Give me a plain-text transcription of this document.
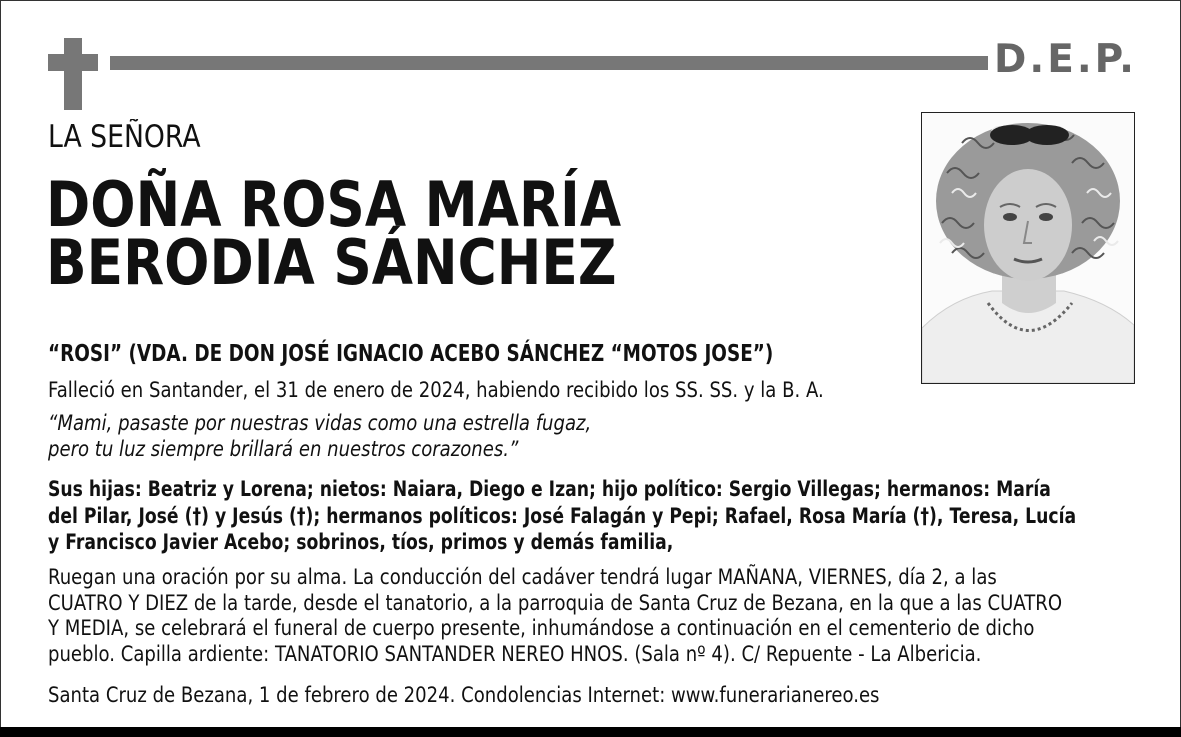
D.E.P.
LA SEÑORA
DOÑA ROSA MARÍA
BERODIA SÁNCHEZ
“ROSI” (VDA. DE DON JOSÉ IGNACIO ACEBO SÁNCHEZ “MOTOS JOSE”)
Falleció en Santander, el 31 de enero de 2024, habiendo recibido los SS. SS. y la B. A.
“Mami, pasaste por nuestras vidas como una estrella fugaz,
pero tu luz siempre brillará en nuestros corazones.”
Sus hijas: Beatriz y Lorena; nietos: Naiara, Diego e Izan; hijo político: Sergio Villegas; hermanos: María
del Pilar, José (†) y Jesús (†); hermanos políticos: José Falagán y Pepi; Rafael, Rosa María (†), Teresa, Lucía
y Francisco Javier Acebo; sobrinos, tíos, primos y demás familia,
Ruegan una oración por su alma. La conducción del cadáver tendrá lugar MAÑANA, VIERNES, día 2, a las
CUATRO Y DIEZ de la tarde, desde el tanatorio, a la parroquia de Santa Cruz de Bezana, en la que a las CUATRO
Y MEDIA, se celebrará el funeral de cuerpo presente, inhumándose a continuación en el cementerio de dicho
pueblo. Capilla ardiente: TANATORIO SANTANDER NEREO HNOS. (Sala nº 4). C/ Repuente - La Albericia.
Santa Cruz de Bezana, 1 de febrero de 2024. Condolencias Internet: www.funerarianereo.es
